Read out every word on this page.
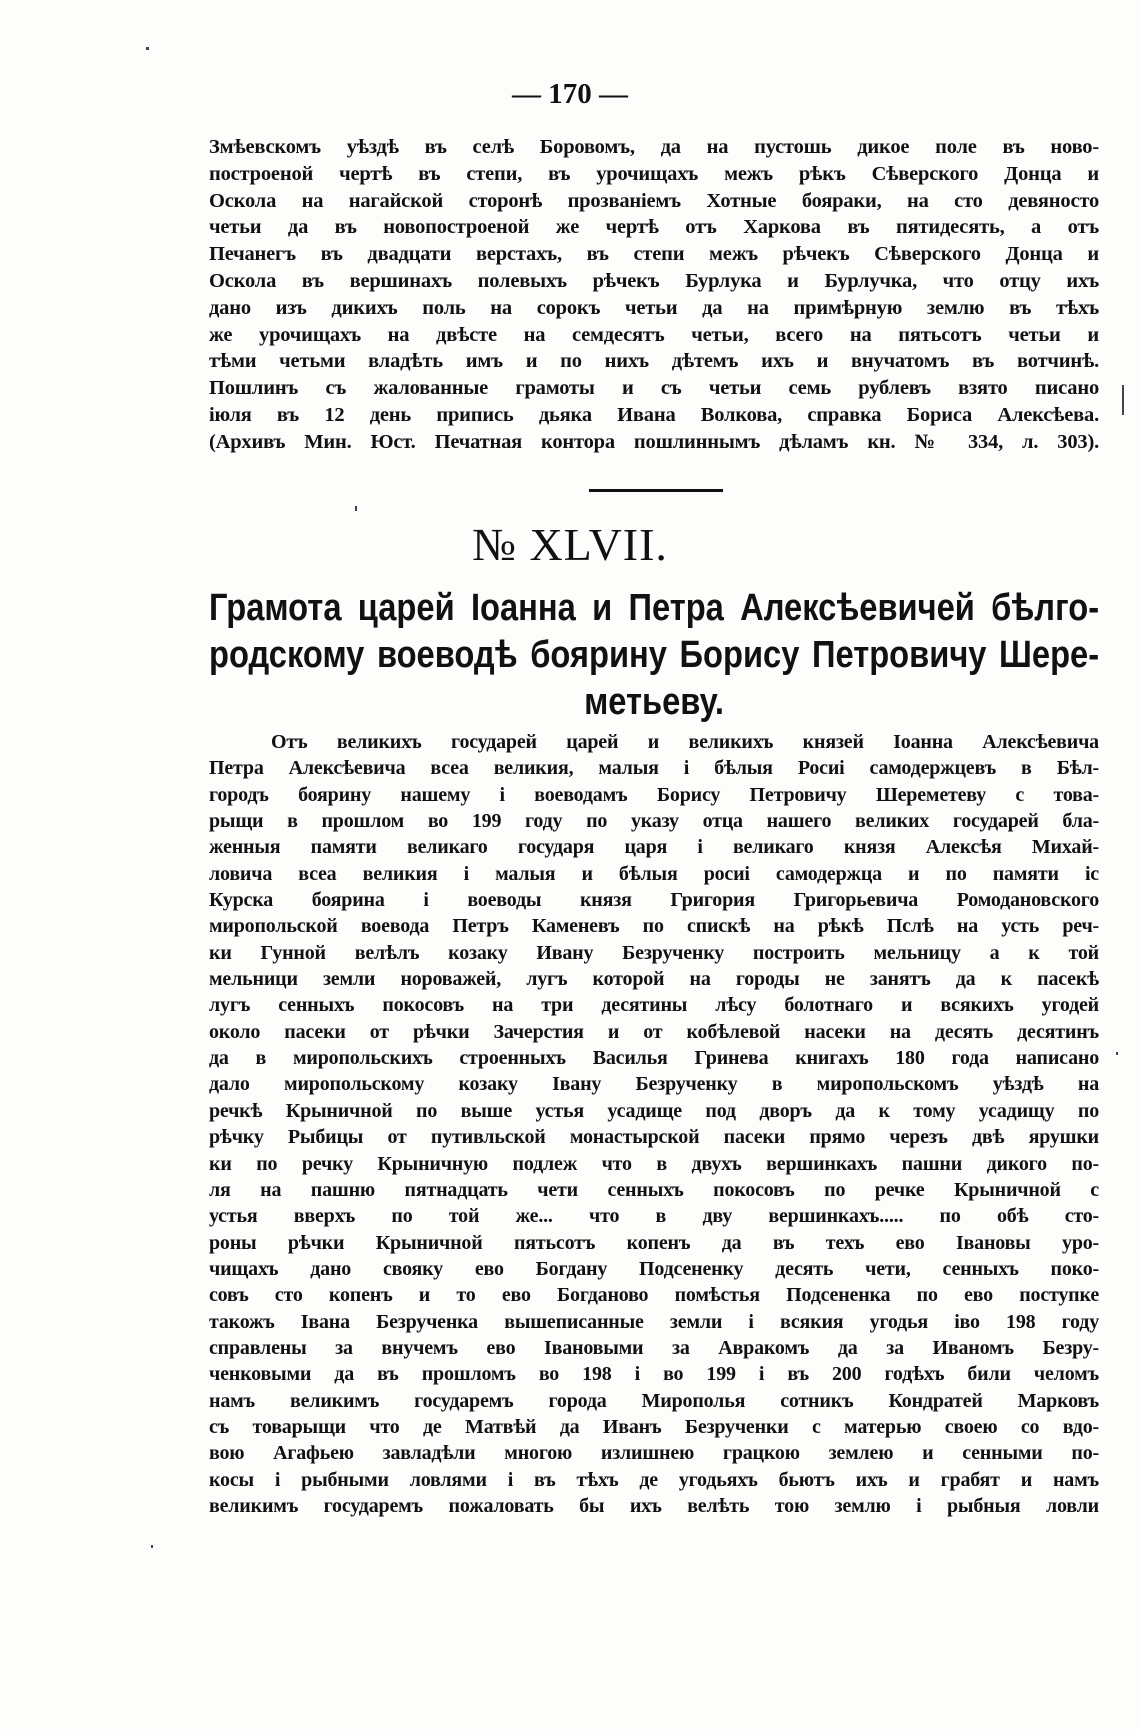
— 170 —
Змѣевскомъ уѣздѣ въ селѣ Боровомъ, да на пустошь дикое поле въ ново-
построеной чертѣ въ степи, въ урочищахъ межъ рѣкъ Сѣверского Донца и
Оскола на нагайской сторонѣ прозваніемъ Хотные бояраки, на сто девяносто
четьи да въ новопостроеной же чертѣ отъ Харкова въ пятидесять, а отъ
Печанегъ въ двадцати верстахъ, въ степи межъ рѣчекъ Сѣверского Донца и
Оскола въ вершинахъ полевыхъ рѣчекъ Бурлука и Бурлучка, что отцу ихъ
дано изъ дикихъ поль на сорокъ четьи да на примѣрную землю въ тѣхъ
же урочищахъ на двѣсте на семдесятъ четьи, всего на пятьсотъ четьи и
тѣми четьми владѣть имъ и по нихъ дѣтемъ ихъ и внучатомъ въ вотчинѣ.
Пошлинъ съ жалованные грамоты и съ четьи семь рублевъ взято писано
іюля въ 12 день припись дьяка Ивана Волкова, справка Бориса Алексѣева.
(Архивъ Мин. Юст. Печатная контора пошлиннымъ дѣламъ кн. № 334, л. 303).
№ XLVII.
Грамота царей Іоанна и Петра Алексѣевичей бѣлго-
родскому воеводѣ боярину Борису Петровичу Шере-
метьеву.
Отъ великихъ государей царей и великихъ князей Іоанна Алексѣевича
Петра Алексѣевича всеа великия, малыя і бѣлыя Росиі самодержцевъ в Бѣл-
городъ боярину нашему і воеводамъ Борису Петровичу Шереметеву с това-
рыщи в прошлом во 199 году по указу отца нашего великих государей бла-
женныя памяти великаго государя царя і великаго князя Алексѣя Михай-
ловича всеа великия і малыя и бѣлыя росиі самодержца и по памяти іс
Курска боярина і воеводы князя Григория Григорьевича Ромодановского
миропольской воевода Петръ Каменевъ по спискѣ на рѣкѣ Пслѣ на усть реч-
ки Гунной велѣлъ козаку Ивану Безрученку построить мельницу а к той
мельници земли нороважей, лугъ которой на городы не занятъ да к пасекѣ
лугъ сенныхъ покосовъ на три десятины лѣсу болотнаго и всякихъ угодей
около пасеки от рѣчки Зачерстия и от кобѣлевой насеки на десять десятинъ
да в миропольскихъ строенныхъ Василья Гринева книгахъ 180 года написано
дало миропольскому козаку Івану Безрученку в миропольскомъ уѣздѣ на
речкѣ Крыничной по выше устья усадище под дворъ да к тому усадищу по
рѣчку Рыбицы от путивльской монастырской пасеки прямо черезъ двѣ ярушки
ки по речку Крыничную подлеж что в двухъ вершинкахъ пашни дикого по-
ля на пашню пятнадцать чети сенныхъ покосовъ по речке Крыничной с
устья вверхъ по той же... что в дву вершинкахъ..... по обѣ сто-
роны рѣчки Крыничной пятьсотъ копенъ да въ техъ ево Івановы уро-
чищахъ дано свояку ево Богдану Подсененку десять чети, сенныхъ поко-
совъ сто копенъ и то ево Богданово помѣстья Подсененка по ево поступке
такожъ Івана Безрученка вышеписанные земли і всякия угодья іво 198 году
справлены за внучемъ ево Івановыми за Авракомъ да за Иваномъ Безру-
ченковыми да въ прошломъ во 198 і во 199 і въ 200 годѣхъ били челомъ
намъ великимъ государемъ города Мирополья сотникъ Кондратей Марковъ
съ товарыщи что де Матвѣй да Иванъ Безрученки с матерью своею со вдо-
вою Агафьею завладѣли многою излишнею грацкою землею и сенными по-
косы і рыбными ловлями і въ тѣхъ де угодьяхъ бьютъ ихъ и грабят и намъ
великимъ государемъ пожаловать бы ихъ велѣть тою землю і рыбныя ловли
